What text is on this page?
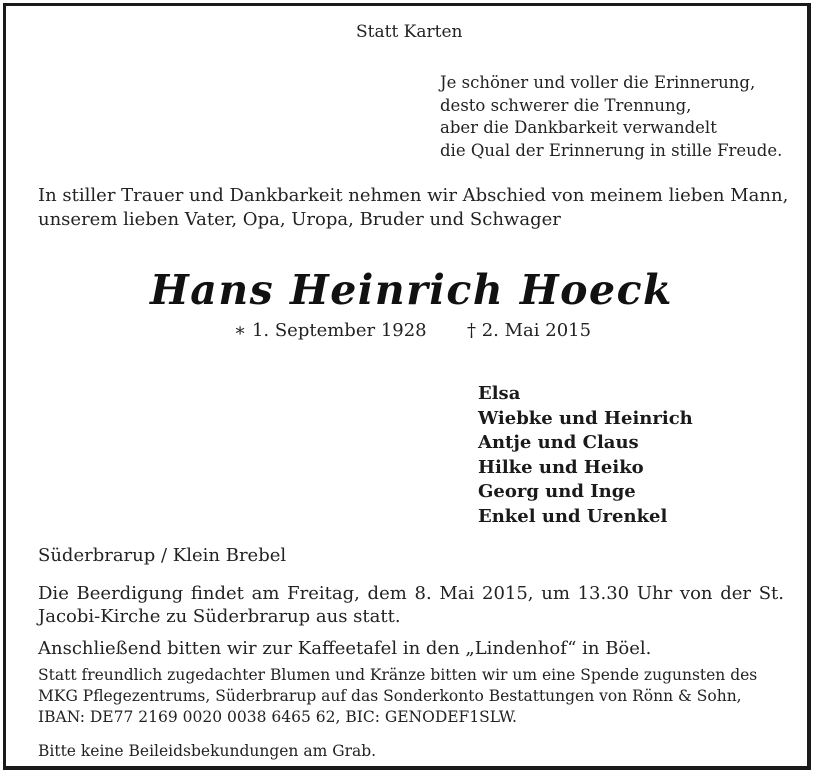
Statt Karten
Je schöner und voller die Erinnerung,
desto schwerer die Trennung,
aber die Dankbarkeit verwandelt
die Qual der Erinnerung in stille Freude.
In stiller Trauer und Dankbarkeit nehmen wir Abschied von meinem lieben Mann,
unserem lieben Vater, Opa, Uropa, Bruder und Schwager
Hans Heinrich Hoeck
∗ 1. September 1928 † 2. Mai 2015
Elsa
Wiebke und Heinrich
Antje und Claus
Hilke und Heiko
Georg und Inge
Enkel und Urenkel
Süderbrarup / Klein Brebel
Die Beerdigung findet am Freitag, dem 8. Mai 2015, um 13.30 Uhr von der St. Jacobi-Kirche zu Süderbrarup aus statt.
Anschließend bitten wir zur Kaffeetafel in den „Lindenhof“ in Böel.
Statt freundlich zugedachter Blumen und Kränze bitten wir um eine Spende zugunsten des
MKG Pflegezentrums, Süderbrarup auf das Sonderkonto Bestattungen von Rönn & Sohn,
IBAN: DE77 2169 0020 0038 6465 62, BIC: GENODEF1SLW.
Bitte keine Beileidsbekundungen am Grab.
